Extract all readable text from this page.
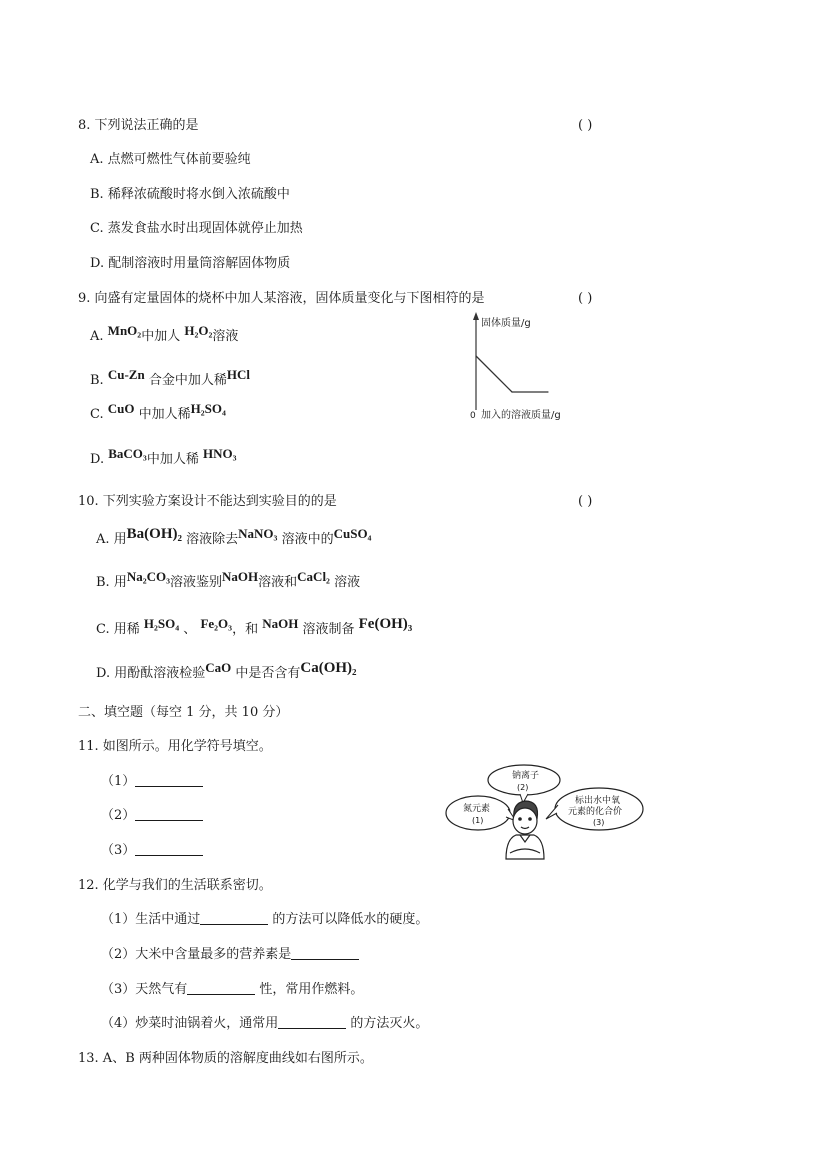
8. 下列说法正确的是	( )
A. 点燃可燃性气体前要验纯
B. 稀释浓硫酸时将水倒入浓硫酸中
C. 蒸发食盐水时出现固体就停止加热
D. 配制溶液时用量筒溶解固体物质
9. 向盛有定量固体的烧杯中加人某溶液，固体质量变化与下图相符的是	( )
A. MnO₂中加人 H₂O₂溶液
B. Cu-Zn 合金中加人稀HCl
C. CuO 中加人稀H₂SO₄
D. BaCO₃中加人稀 HNO₃
固体质量/g
0 加入的溶液质量/g
10. 下列实验方案设计不能达到实验目的的是	( )
A. 用Ba(OH)₂ 溶液除去NaNO₃ 溶液中的CuSO₄
B. 用Na₂CO₃溶液鉴别NaOH溶液和CaCl₂ 溶液
C. 用稀 H₂SO₄ 、 Fe₂O₃，和 NaOH 溶液制备 Fe(OH)₃
D. 用酚酞溶液检验CaO 中是否含有Ca(OH)₂
二、填空题（每空 1 分，共 10 分）
11. 如图所示。用化学符号填空。
（1）
（2）
（3）
钠离子
(2)
氮元素
(1)
标出水中氧
元素的化合价
(3)
12. 化学与我们的生活联系密切。
（1）生活中通过	的方法可以降低水的硬度。
（2）大米中含量最多的营养素是
（3）天然气有	性，常用作燃料。
（4）炒菜时油锅着火，通常用	的方法灭火。
13. A、B 两种固体物质的溶解度曲线如右图所示。
